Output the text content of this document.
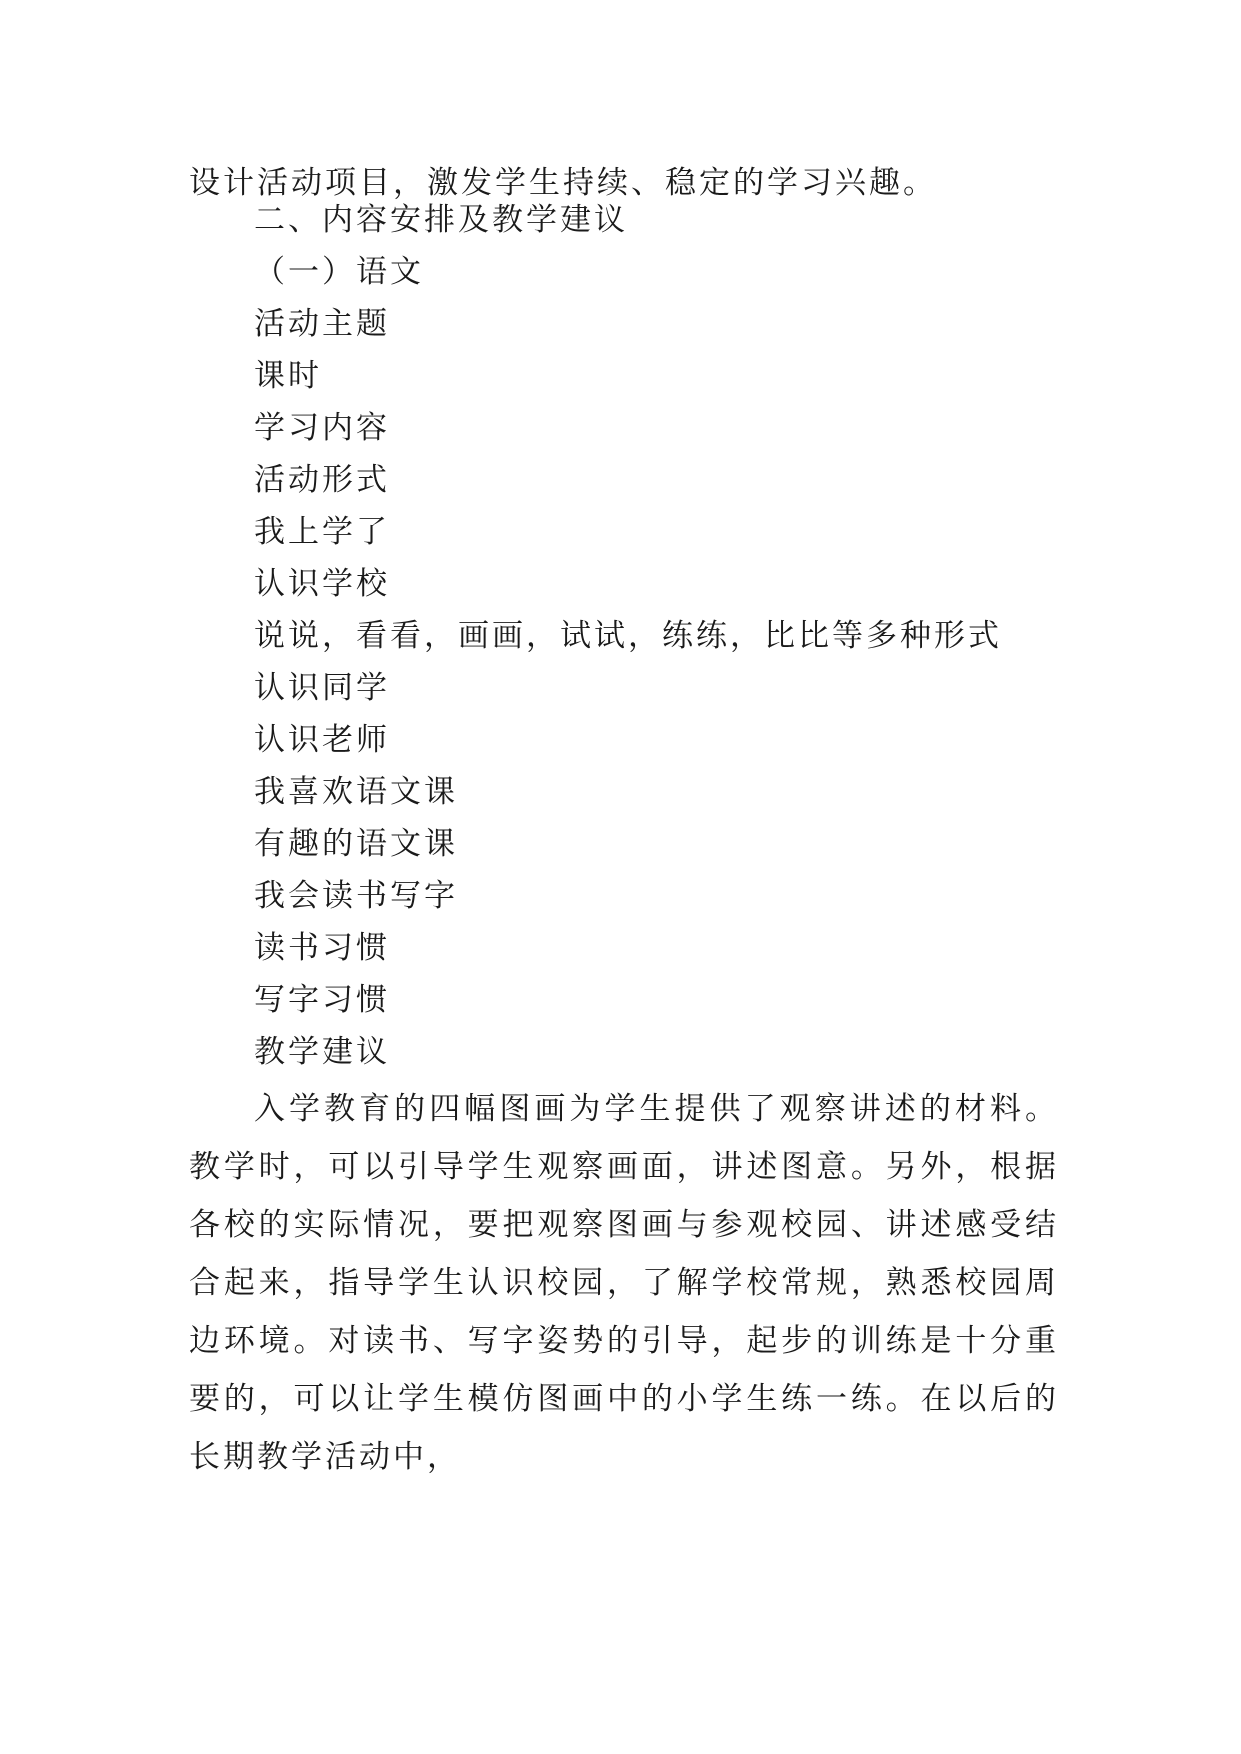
设计活动项目，激发学生持续、稳定的学习兴趣。

二、内容安排及教学建议

（一）语文

活动主题

课时

学习内容

活动形式

我上学了

认识学校

说说，看看，画画，试试，练练，比比等多种形式

认识同学

认识老师

我喜欢语文课

有趣的语文课

我会读书写字

读书习惯

写字习惯

教学建议

入学教育的四幅图画为学生提供了观察讲述的材料。教学时，可以引导学生观察画面，讲述图意。另外，根据各校的实际情况，要把观察图画与参观校园、讲述感受结合起来，指导学生认识校园，了解学校常规，熟悉校园周边环境。对读书、写字姿势的引导，起步的训练是十分重要的，可以让学生模仿图画中的小学生练一练。在以后的长期教学活动中，
